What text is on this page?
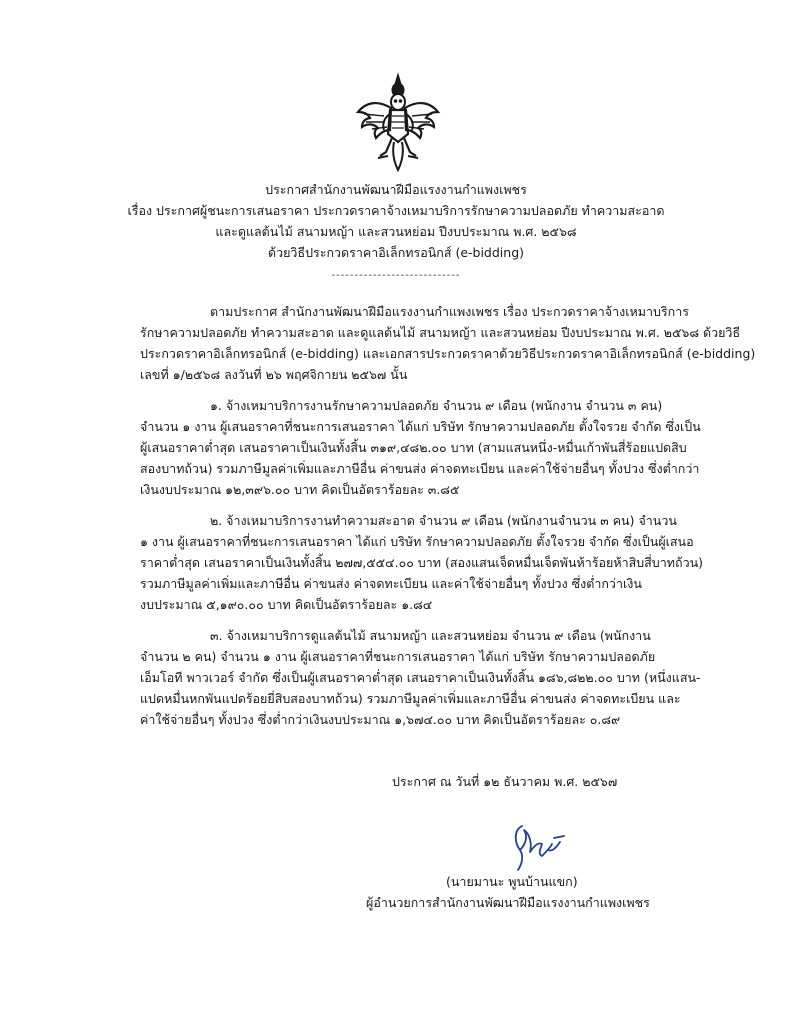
ประกาศสำนักงานพัฒนาฝีมือแรงงานกำแพงเพชร
เรื่อง ประกาศผู้ชนะการเสนอราคา ประกวดราคาจ้างเหมาบริการรักษาความปลอดภัย ทำความสะอาด
และดูแลต้นไม้ สนามหญ้า และสวนหย่อม ปีงบประมาณ พ.ศ. ๒๕๖๘
ด้วยวิธีประกวดราคาอิเล็กทรอนิกส์ (e-bidding)
----------------------------
ตามประกาศ สำนักงานพัฒนาฝีมือแรงงานกำแพงเพชร เรื่อง ประกวดราคาจ้างเหมาบริการ
รักษาความปลอดภัย ทำความสะอาด และดูแลต้นไม้ สนามหญ้า และสวนหย่อม ปีงบประมาณ พ.ศ. ๒๕๖๘ ด้วยวิธี
ประกวดราคาอิเล็กทรอนิกส์ (e-bidding) และเอกสารประกวดราคาด้วยวิธีประกวดราคาอิเล็กทรอนิกส์ (e-bidding)
เลขที่ ๑/๒๕๖๘ ลงวันที่ ๒๖ พฤศจิกายน ๒๕๖๗ นั้น
๑. จ้างเหมาบริการงานรักษาความปลอดภัย จำนวน ๙ เดือน (พนักงาน จำนวน ๓ คน)
จำนวน ๑ งาน ผู้เสนอราคาที่ชนะการเสนอราคา ได้แก่ บริษัท รักษาความปลอดภัย ตั้งใจรวย จำกัด ซึ่งเป็น
ผู้เสนอราคาต่ำสุด เสนอราคาเป็นเงินทั้งสิ้น ๓๑๙,๔๘๒.๐๐ บาท (สามแสนหนึ่ง-หมื่นเก้าพันสี่ร้อยแปดสิบ
สองบาทถ้วน) รวมภาษีมูลค่าเพิ่มและภาษีอื่น ค่าขนส่ง ค่าจดทะเบียน และค่าใช้จ่ายอื่นๆ ทั้งปวง ซึ่งต่ำกว่า
เงินงบประมาณ ๑๒,๓๙๖.๐๐ บาท คิดเป็นอัตราร้อยละ ๓.๘๕
๒. จ้างเหมาบริการงานทำความสะอาด จำนวน ๙ เดือน (พนักงานจำนวน ๓ คน) จำนวน
๑ งาน ผู้เสนอราคาที่ชนะการเสนอราคา ได้แก่ บริษัท รักษาความปลอดภัย ตั้งใจรวย จำกัด ซึ่งเป็นผู้เสนอ
ราคาต่ำสุด เสนอราคาเป็นเงินทั้งสิ้น ๒๗๗,๕๕๔.๐๐ บาท (สองแสนเจ็ดหมื่นเจ็ดพันห้าร้อยห้าสิบสี่บาทถ้วน)
รวมภาษีมูลค่าเพิ่มและภาษีอื่น ค่าขนส่ง ค่าจดทะเบียน และค่าใช้จ่ายอื่นๆ ทั้งปวง ซึ่งต่ำกว่าเงิน
งบประมาณ ๕,๑๙๐.๐๐ บาท คิดเป็นอัตราร้อยละ ๑.๘๔
๓. จ้างเหมาบริการดูแลต้นไม้ สนามหญ้า และสวนหย่อม จำนวน ๙ เดือน (พนักงาน
จำนวน ๒ คน) จำนวน ๑ งาน ผู้เสนอราคาที่ชนะการเสนอราคา ได้แก่ บริษัท รักษาความปลอดภัย
เอ็มโอที พาวเวอร์ จำกัด ซึ่งเป็นผู้เสนอราคาต่ำสุด เสนอราคาเป็นเงินทั้งสิ้น ๑๘๖,๘๒๒.๐๐ บาท (หนึ่งแสน-
แปดหมื่นหกพันแปดร้อยยี่สิบสองบาทถ้วน) รวมภาษีมูลค่าเพิ่มและภาษีอื่น ค่าขนส่ง ค่าจดทะเบียน และ
ค่าใช้จ่ายอื่นๆ ทั้งปวง ซึ่งต่ำกว่าเงินงบประมาณ ๑,๖๗๔.๐๐ บาท คิดเป็นอัตราร้อยละ ๐.๘๙
ประกาศ ณ วันที่ ๑๒ ธันวาคม พ.ศ. ๒๕๖๗
(นายมานะ พูนบ้านแขก)
ผู้อำนวยการสำนักงานพัฒนาฝีมือแรงงานกำแพงเพชร
